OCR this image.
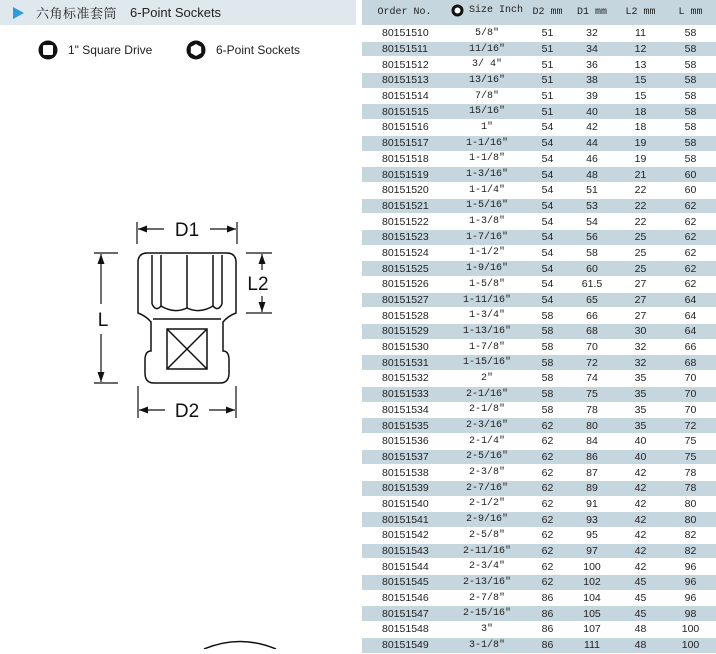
六角标准套筒 6-Point Sockets
1" Square Drive	6-Point Sockets
D1
L
L2
D2
Order No.	Size Inch	D2 mm	D1 mm	L2 mm	L mm
80151510	5/8"	51	32	11	58
80151511	11/16"	51	34	12	58
80151512	3/ 4"	51	36	13	58
80151513	13/16"	51	38	15	58
80151514	7/8"	51	39	15	58
80151515	15/16"	51	40	18	58
80151516	1"	54	42	18	58
80151517	1-1/16"	54	44	19	58
80151518	1-1/8"	54	46	19	58
80151519	1-3/16"	54	48	21	60
80151520	1-1/4"	54	51	22	60
80151521	1-5/16"	54	53	22	62
80151522	1-3/8"	54	54	22	62
80151523	1-7/16"	54	56	25	62
80151524	1-1/2"	54	58	25	62
80151525	1-9/16"	54	60	25	62
80151526	1-5/8"	54	61.5	27	62
80151527	1-11/16"	54	65	27	64
80151528	1-3/4"	58	66	27	64
80151529	1-13/16"	58	68	30	64
80151530	1-7/8"	58	70	32	66
80151531	1-15/16"	58	72	32	68
80151532	2"	58	74	35	70
80151533	2-1/16"	58	75	35	70
80151534	2-1/8"	58	78	35	70
80151535	2-3/16"	62	80	35	72
80151536	2-1/4"	62	84	40	75
80151537	2-5/16"	62	86	40	75
80151538	2-3/8"	62	87	42	78
80151539	2-7/16"	62	89	42	78
80151540	2-1/2"	62	91	42	80
80151541	2-9/16"	62	93	42	80
80151542	2-5/8"	62	95	42	82
80151543	2-11/16"	62	97	42	82
80151544	2-3/4"	62	100	42	96
80151545	2-13/16"	62	102	45	96
80151546	2-7/8"	86	104	45	96
80151547	2-15/16"	86	105	45	98
80151548	3"	86	107	48	100
80151549	3-1/8"	86	111	48	100
